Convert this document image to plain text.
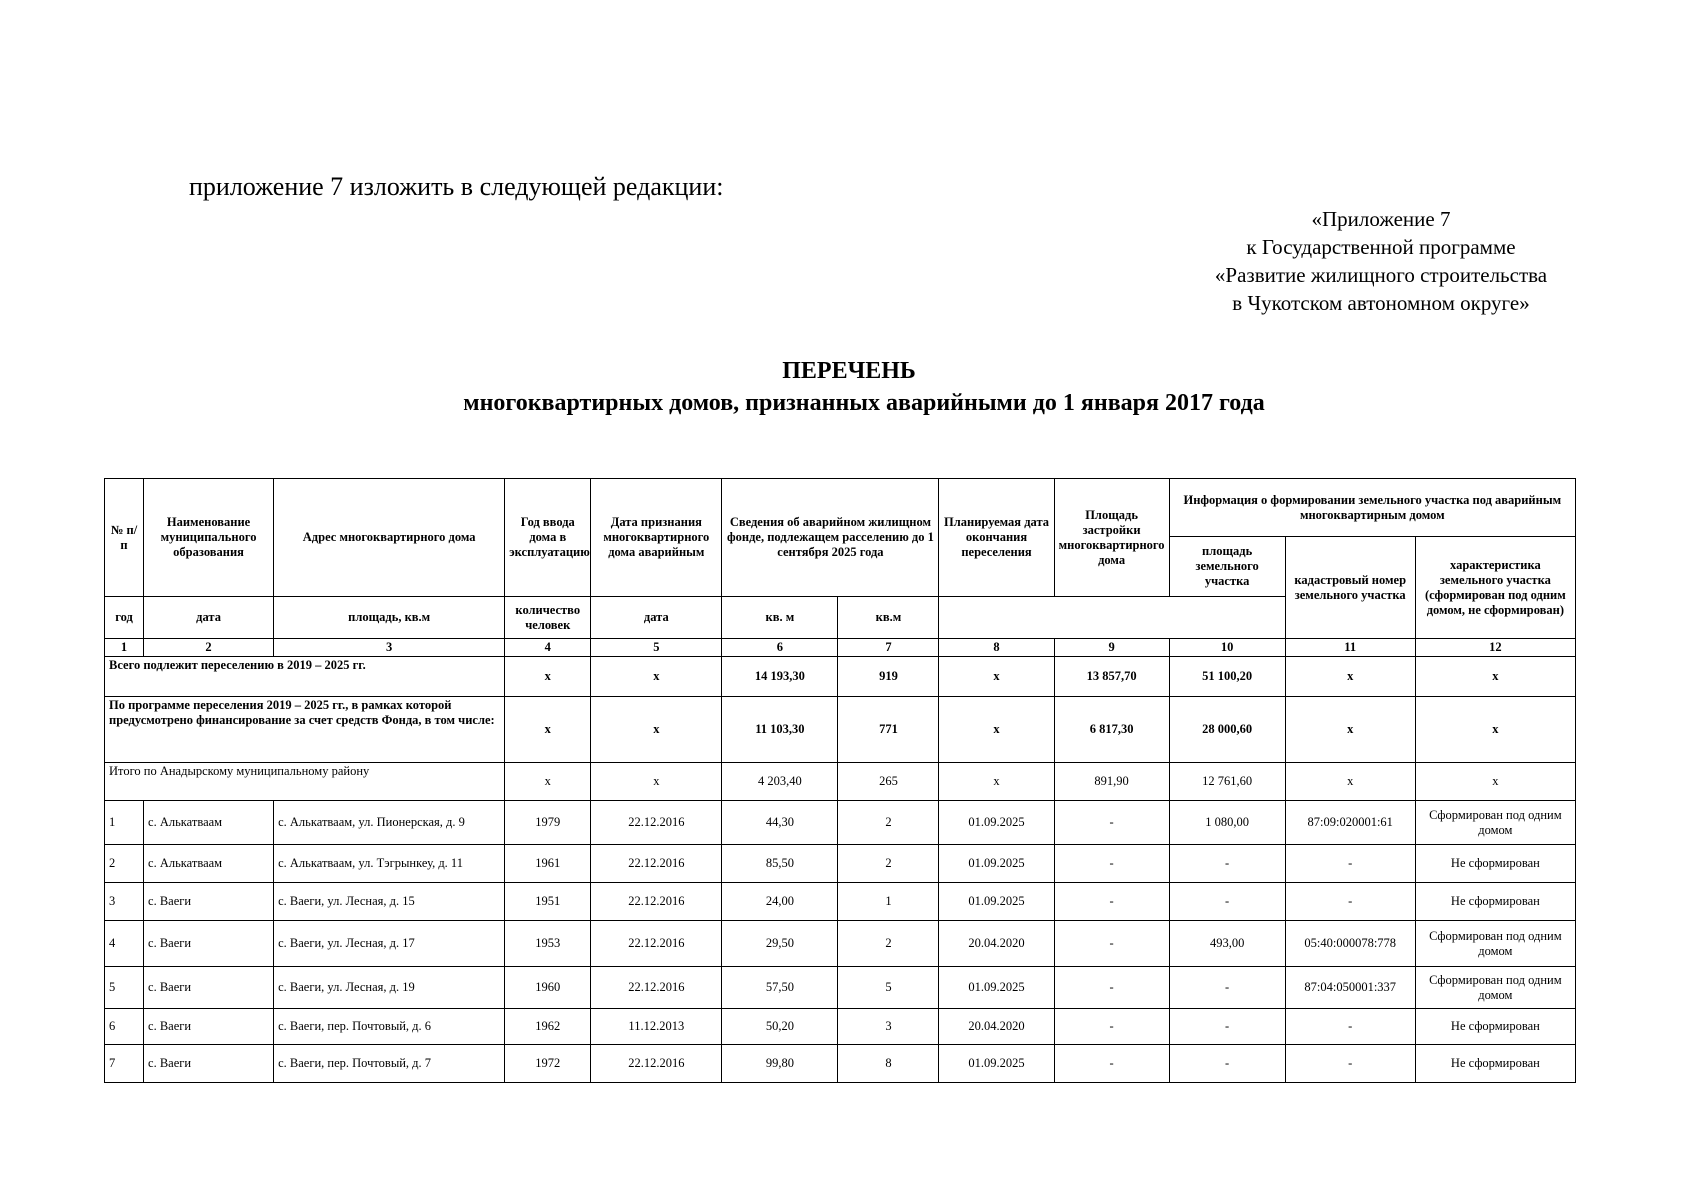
приложение 7 изложить в следующей редакции:
«Приложение 7
к Государственной программе
«Развитие жилищного строительства
в Чукотском автономном округе»
ПЕРЕЧЕНЬ
многоквартирных домов, признанных аварийными до 1 января 2017 года
№ п/п	Наименование муниципального образования	Адрес многоквартирного дома	Год ввода дома в эксплуатацию	Дата признания многоквартирного дома аварийным	Сведения об аварийном жилищном фонде, подлежащем расселению до 1 сентября 2025 года		Планируемая дата окончания переселения	Площадь застройки многоквартирного дома	Информация о формировании земельного участка под аварийным многоквартирным домом		
									площадь земельного участка	кадастровый номер земельного участка	характеристика земельного участка (сформирован под одним домом, не сформирован)
год	дата	площадь, кв.м	количество человек	дата	кв. м	кв.м					
1	2	3	4	5	6	7	8	9	10	11	12
Всего подлежит переселению в 2019 – 2025 гг.			х	х	14 193,30	919	х	13 857,70	51 100,20	х	х
По программе переселения 2019 – 2025 гг., в рамках которой предусмотрено финансирование за счет средств Фонда, в том числе:			х	х	11 103,30	771	х	6 817,30	28 000,60	х	х
Итого по Анадырскому муниципальному району			х	х	4 203,40	265	х	891,90	12 761,60	х	х
1	с. Алькатваам	с. Алькатваам, ул. Пионерская, д. 9	1979	22.12.2016	44,30	2	01.09.2025	-	1 080,00	87:09:020001:61	Сформирован под одним домом
2	с. Алькатваам	с. Алькатваам, ул. Тэгрынкеу, д. 11	1961	22.12.2016	85,50	2	01.09.2025	-	-	-	Не сформирован
3	с. Ваеги	с. Ваеги, ул. Лесная, д. 15	1951	22.12.2016	24,00	1	01.09.2025	-	-	-	Не сформирован
4	с. Ваеги	с. Ваеги, ул. Лесная, д. 17	1953	22.12.2016	29,50	2	20.04.2020	-	493,00	05:40:000078:778	Сформирован под одним домом
5	с. Ваеги	с. Ваеги, ул. Лесная, д. 19	1960	22.12.2016	57,50	5	01.09.2025	-	-	87:04:050001:337	Сформирован под одним домом
6	с. Ваеги	с. Ваеги, пер. Почтовый, д. 6	1962	11.12.2013	50,20	3	20.04.2020	-	-	-	Не сформирован
7	с. Ваеги	с. Ваеги, пер. Почтовый, д. 7	1972	22.12.2016	99,80	8	01.09.2025	-	-	-	Не сформирован
